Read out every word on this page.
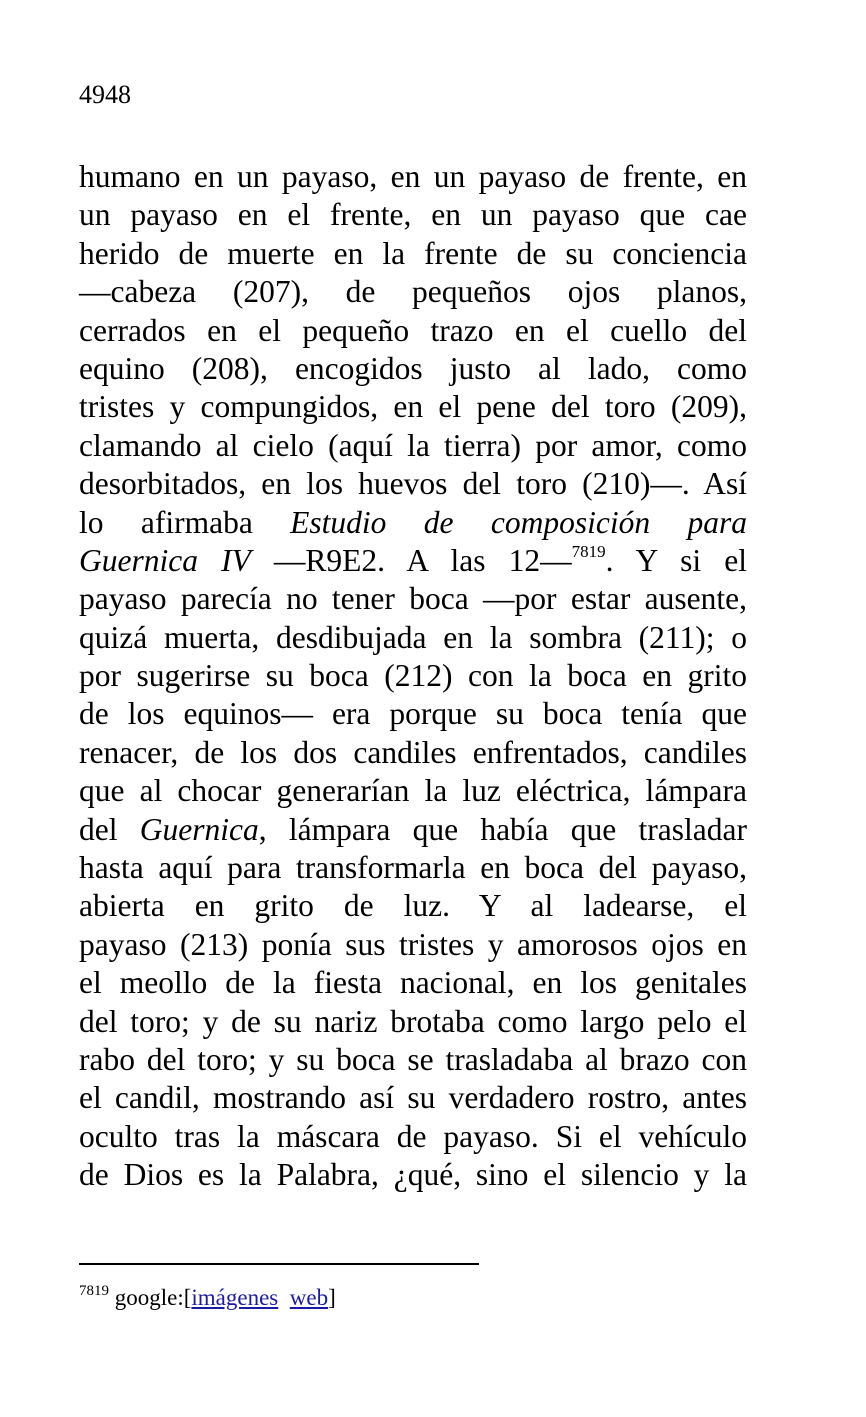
4948
humano en un payaso, en un payaso de frente, en
un payaso en el frente, en un payaso que cae
herido de muerte en la frente de su conciencia
—cabeza (207), de pequeños ojos planos,
cerrados en el pequeño trazo en el cuello del
equino (208), encogidos justo al lado, como
tristes y compungidos, en el pene del toro (209),
clamando al cielo (aquí la tierra) por amor, como
desorbitados, en los huevos del toro (210)—. Así
lo afirmaba Estudio de composición para
Guernica IV —R9E2. A las 12—$^{7819}$. Y si el
payaso parecía no tener boca —por estar ausente,
quizá muerta, desdibujada en la sombra (211); o
por sugerirse su boca (212) con la boca en grito
de los equinos— era porque su boca tenía que
renacer, de los dos candiles enfrentados, candiles
que al chocar generarían la luz eléctrica, lámpara
del Guernica, lámpara que había que trasladar
hasta aquí para transformarla en boca del payaso,
abierta en grito de luz. Y al ladearse, el
payaso (213) ponía sus tristes y amorosos ojos en
el meollo de la fiesta nacional, en los genitales
del toro; y de su nariz brotaba como largo pelo el
rabo del toro; y su boca se trasladaba al brazo con
el candil, mostrando así su verdadero rostro, antes
oculto tras la máscara de payaso. Si el vehículo
de Dios es la Palabra, ¿qué, sino el silencio y la
$^{7819}$ google:[imágenes web]
